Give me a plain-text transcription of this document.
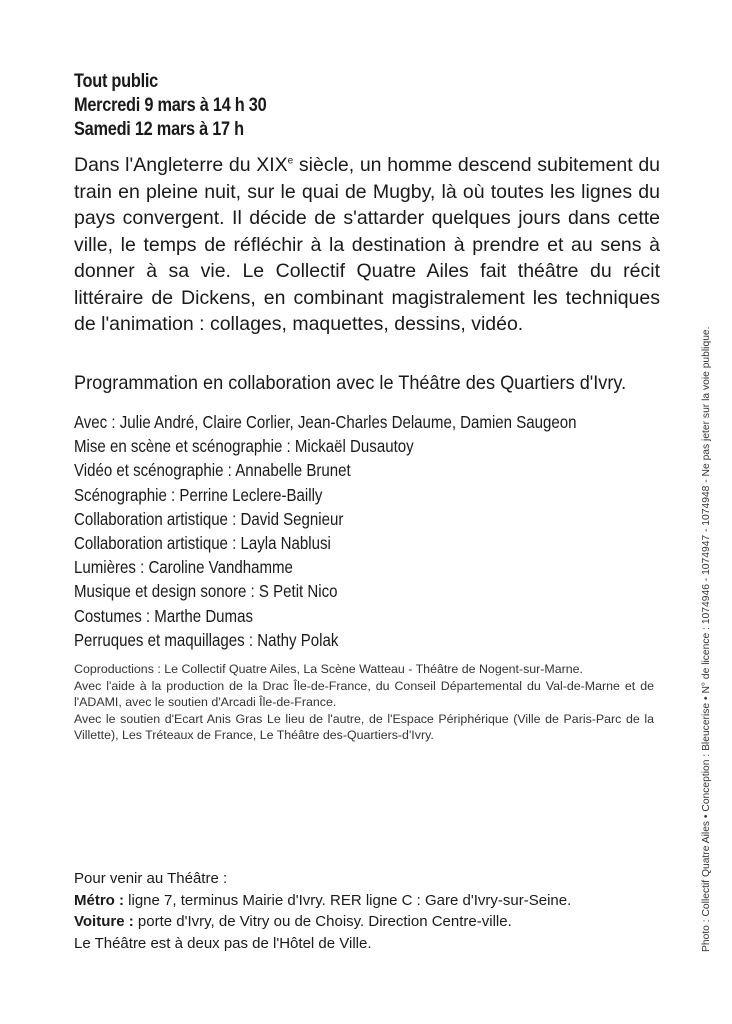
Tout public
Mercredi 9 mars à 14 h 30
Samedi 12 mars à 17 h
Dans l'Angleterre du XIXe siècle, un homme descend subitement du train en pleine nuit, sur le quai de Mugby, là où toutes les lignes du pays convergent. Il décide de s'attarder quelques jours dans cette ville, le temps de réfléchir à la destination à prendre et au sens à donner à sa vie. Le Collectif Quatre Ailes fait théâtre du récit littéraire de Dickens, en combinant magistralement les techniques de l'animation : collages, maquettes, dessins, vidéo.
Programmation en collaboration avec le Théâtre des Quartiers d'Ivry.
Avec : Julie André, Claire Corlier, Jean-Charles Delaume, Damien Saugeon
Mise en scène et scénographie : Mickaël Dusautoy
Vidéo et scénographie : Annabelle Brunet
Scénographie : Perrine Leclere-Bailly
Collaboration artistique : David Segnieur
Collaboration artistique : Layla Nablusi
Lumières : Caroline Vandhamme
Musique et design sonore : S Petit Nico
Costumes : Marthe Dumas
Perruques et maquillages : Nathy Polak

Coproductions : Le Collectif Quatre Ailes, La Scène Watteau - Théâtre de Nogent-sur-Marne.

Avec l'aide à la production de la Drac Île-de-France, du Conseil Départemental du Val-de-Marne et de l'ADAMI, avec le soutien d'Arcadi Île-de-France.

Avec le soutien d'Ecart Anis Gras Le lieu de l'autre, de l'Espace Périphérique (Ville de Paris-Parc de la Villette), Les Tréteaux de France, Le Théâtre des-Quartiers-d'Ivry.

Pour venir au Théâtre :
Métro : ligne 7, terminus Mairie d'Ivry. RER ligne C : Gare d'Ivry-sur-Seine.
Voiture : porte d'Ivry, de Vitry ou de Choisy. Direction Centre-ville.
Le Théâtre est à deux pas de l'Hôtel de Ville.	Photo : Collectif Quatre Ailes • Conception : Bleucerise • N° de licence : 1074946 - 1074947 - 1074948 - Ne pas jeter sur la voie publique.
